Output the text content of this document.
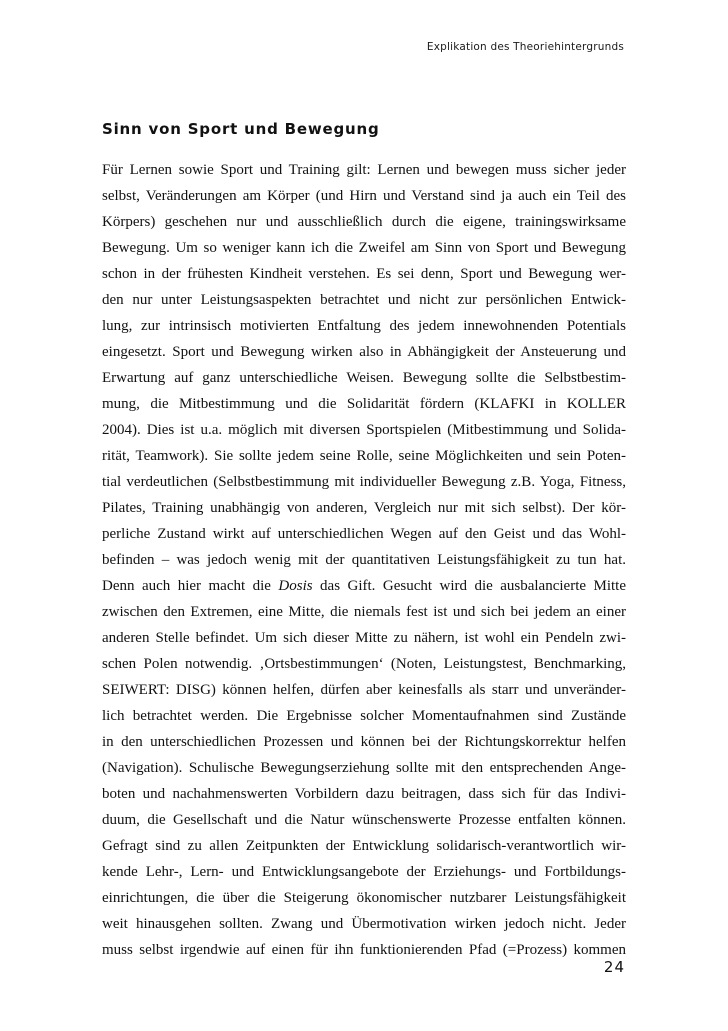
Explikation des Theoriehintergrunds
Sinn von Sport und Bewegung
Für Lernen sowie Sport und Training gilt: Lernen und bewegen muss sicher jeder
selbst, Veränderungen am Körper (und Hirn und Verstand sind ja auch ein Teil des
Körpers) geschehen nur und ausschließlich durch die eigene, trainingswirksame
Bewegung. Um so weniger kann ich die Zweifel am Sinn von Sport und Bewegung
schon in der frühesten Kindheit verstehen. Es sei denn, Sport und Bewegung wer-
den nur unter Leistungsaspekten betrachtet und nicht zur persönlichen Entwick-
lung, zur intrinsisch motivierten Entfaltung des jedem innewohnenden Potentials
eingesetzt. Sport und Bewegung wirken also in Abhängigkeit der Ansteuerung und
Erwartung auf ganz unterschiedliche Weisen. Bewegung sollte die Selbstbestim-
mung, die Mitbestimmung und die Solidarität fördern (KLAFKI in KOLLER
2004). Dies ist u.a. möglich mit diversen Sportspielen (Mitbestimmung und Solida-
rität, Teamwork). Sie sollte jedem seine Rolle, seine Möglichkeiten und sein Poten-
tial verdeutlichen (Selbstbestimmung mit individueller Bewegung z.B. Yoga, Fitness,
Pilates, Training unabhängig von anderen, Vergleich nur mit sich selbst). Der kör-
perliche Zustand wirkt auf unterschiedlichen Wegen auf den Geist und das Wohl-
befinden – was jedoch wenig mit der quantitativen Leistungsfähigkeit zu tun hat.
Denn auch hier macht die Dosis das Gift. Gesucht wird die ausbalancierte Mitte
zwischen den Extremen, eine Mitte, die niemals fest ist und sich bei jedem an einer
anderen Stelle befindet. Um sich dieser Mitte zu nähern, ist wohl ein Pendeln zwi-
schen Polen notwendig. ‚Ortsbestimmungen‘ (Noten, Leistungstest, Benchmarking,
SEIWERT: DISG) können helfen, dürfen aber keinesfalls als starr und unveränder-
lich betrachtet werden. Die Ergebnisse solcher Momentaufnahmen sind Zustände
in den unterschiedlichen Prozessen und können bei der Richtungskorrektur helfen
(Navigation). Schulische Bewegungserziehung sollte mit den entsprechenden Ange-
boten und nachahmenswerten Vorbildern dazu beitragen, dass sich für das Indivi-
duum, die Gesellschaft und die Natur wünschenswerte Prozesse entfalten können.
Gefragt sind zu allen Zeitpunkten der Entwicklung solidarisch-verantwortlich wir-
kende Lehr-, Lern- und Entwicklungsangebote der Erziehungs- und Fortbildungs-
einrichtungen, die über die Steigerung ökonomischer nutzbarer Leistungsfähigkeit
weit hinausgehen sollten. Zwang und Übermotivation wirken jedoch nicht. Jeder
muss selbst irgendwie auf einen für ihn funktionierenden Pfad (=Prozess) kommen
24
